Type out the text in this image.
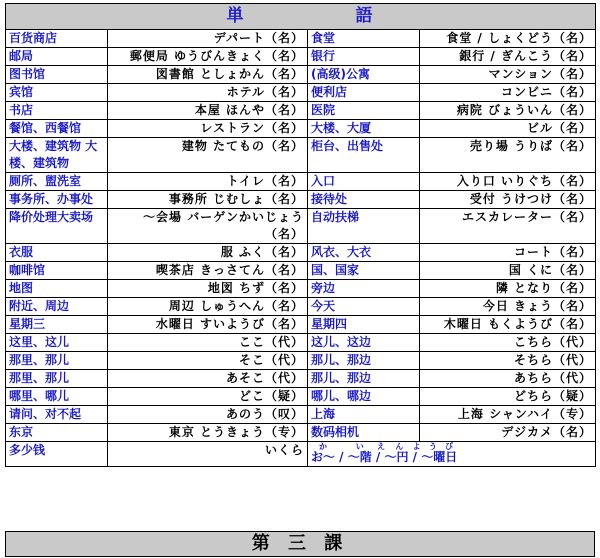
単 語			
百货商店	デパート（名）	食堂	食堂 / しょくどう（名）
邮局	郵便局 ゆうびんきょく（名）	银行	銀行 / ぎんこう（名）
图书馆	図書館 としょかん（名）	(高级)公寓	マンション（名）
宾馆	ホテル（名）	便利店	コンビニ（名）
书店	本屋 ほんや（名）	医院	病院 びょういん（名）
餐馆、西餐馆	レストラン（名）	大楼、大厦	ビル（名）
大楼、建筑物 大楼、建筑物	建物 たてもの（名）	柜台、出售处	売り場 うりば（名）
厕所、盥洗室	トイレ（名）	入口	入り口 いりぐち（名）
事务所、办事处	事務所 じむしょ（名）	接待处	受付 うけつけ（名）
降价处理大卖场	～会場 バーゲンかいじょう（名）	自动扶梯	エスカレーター（名）
衣服	服 ふく（名）	风衣、大衣	コート（名）
咖啡馆	喫茶店 きっさてん（名）	国、国家	国 くに（名）
地图	地図 ちず（名）	旁边	隣 となり（名）
附近、周边	周辺 しゅうへん（名）	今天	今日 きょう（名）
星期三	水曜日 すいようび（名）	星期四	木曜日 もくようび（名）
这里、这儿	ここ（代）	这儿、这边	こちら（代）
那里、那儿	そこ（代）	那儿、那边	そちら（代）
那里、那儿	あそこ（代）	那儿、那边	あちら（代）
哪里、哪儿	どこ（疑）	哪儿、哪边	どちら（疑）
请问、对不起	あのう（叹）	上海	上海 シャンハイ（专）
东京	東京 とうきょう（专）	数码相机	デジカメ（名）
多少钱	いくら	お～ / ～階かい / ～円えん / ～曜日ようび	
第 三 課
